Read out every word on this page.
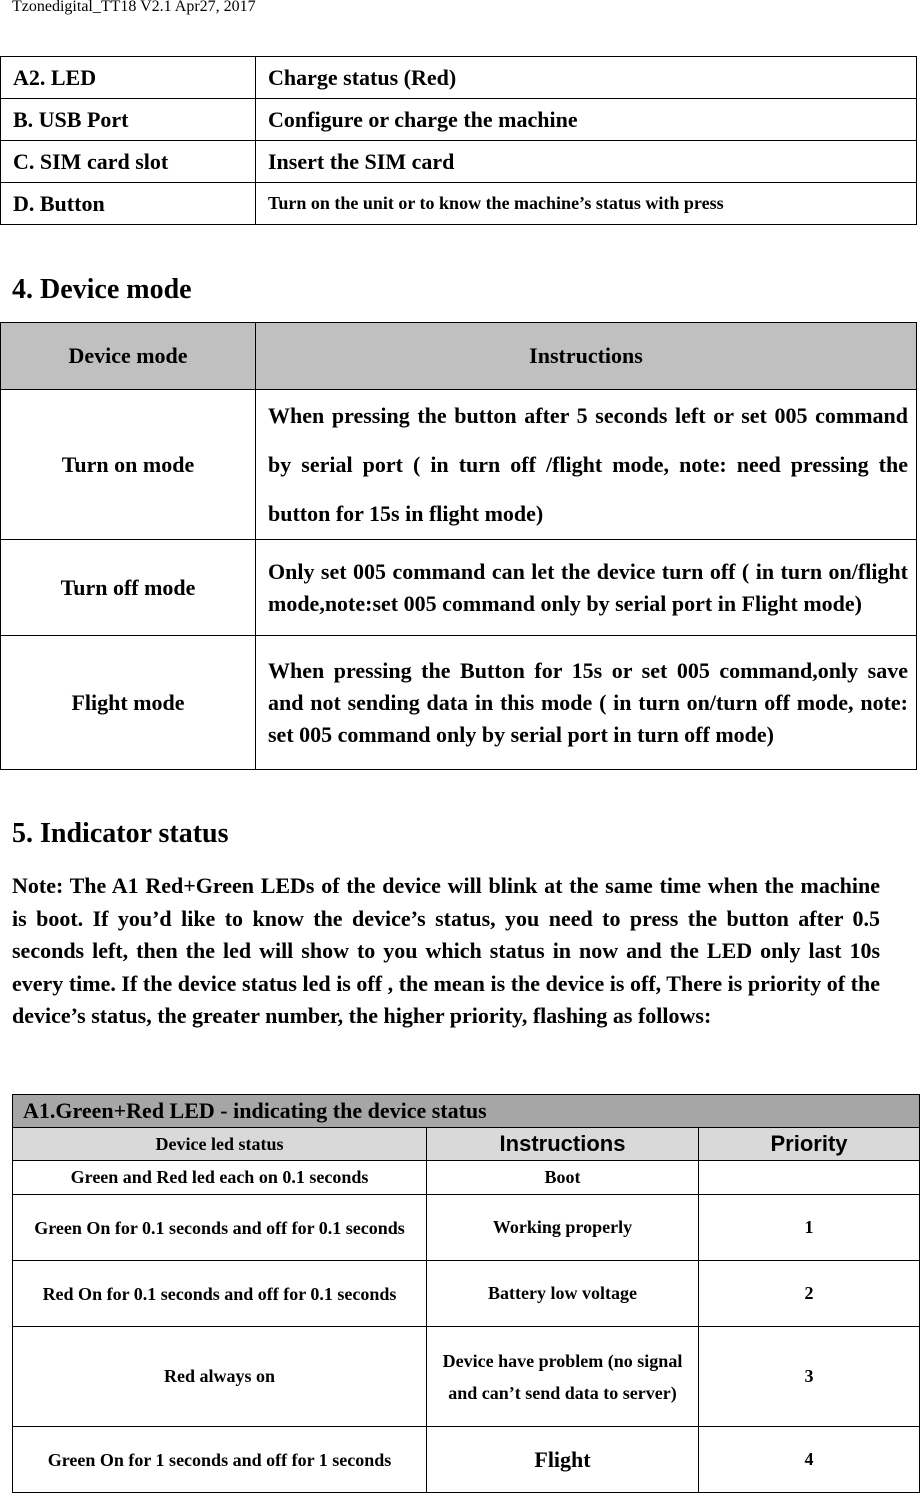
Tzonedigital_TT18 V2.1 Apr27, 2017
A2. LED	Charge status (Red)
B. USB Port	Configure or charge the machine
C. SIM card slot	Insert the SIM card
D. Button	Turn on the unit or to know the machine’s status with press
4. Device mode
Device mode	Instructions
Turn on mode	When pressing the button after 5 seconds left or set 005 command by serial port ( in turn off /flight mode, note: need pressing the button for 15s in flight mode)
Turn off mode	Only set 005 command can let the device turn off ( in turn on/flight mode,note:set 005 command only by serial port in Flight mode)
Flight mode	When pressing the Button for 15s or set 005 command,only save and not sending data in this mode ( in turn on/turn off mode, note: set 005 command only by serial port in turn off mode)
5. Indicator status
Note: The A1 Red+Green LEDs of the device will blink at the same time when the machine is boot. If you’d like to know the device’s status, you need to press the button after 0.5 seconds left, then the led will show to you which status in now and the LED only last 10s every time. If the device status led is off , the mean is the device is off, There is priority of the device’s status, the greater number, the higher priority, flashing as follows:
A1.Green+Red LED - indicating the device status		
Device led status	Instructions	Priority
Green and Red led each on 0.1 seconds	Boot	
Green On for 0.1 seconds and off for 0.1 seconds	Working properly	1
Red On for 0.1 seconds and off for 0.1 seconds	Battery low voltage	2
Red always on	Device have problem (no signal and can’t send data to server)	3
Green On for 1 seconds and off for 1 seconds	Flight	4
